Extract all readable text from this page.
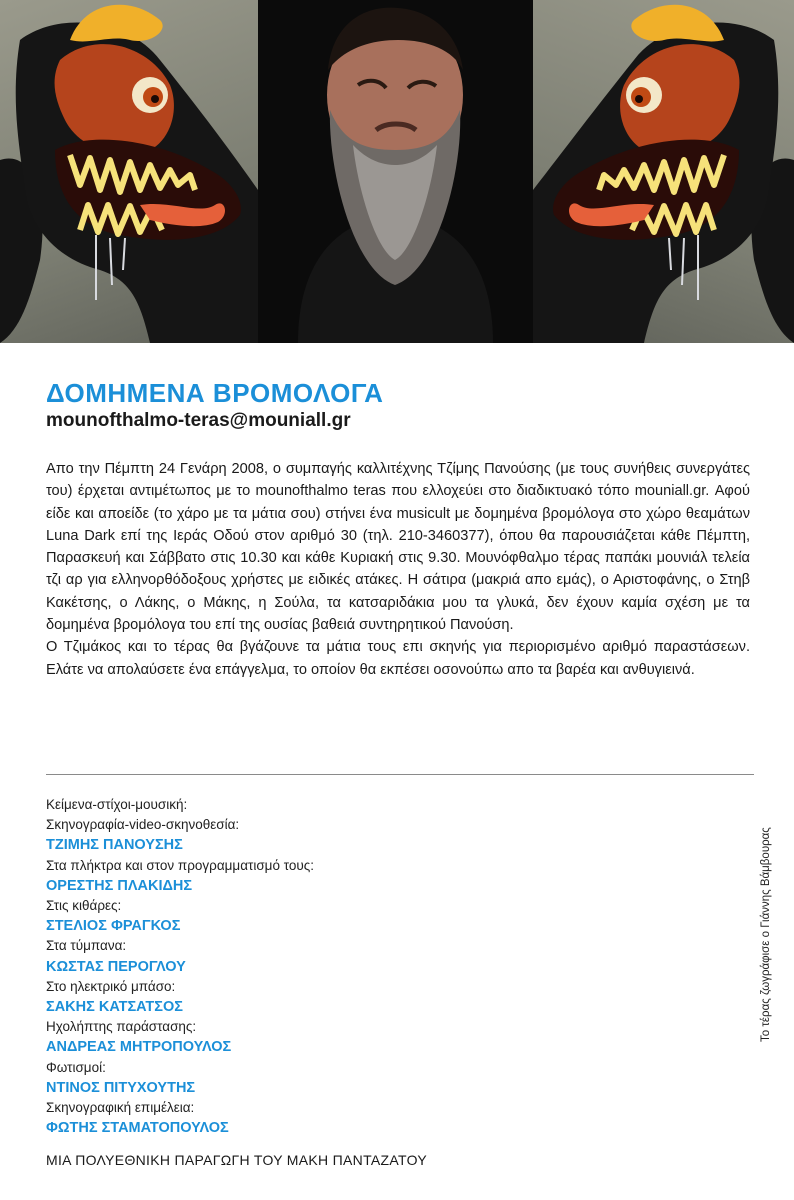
ΔΟΜΗΜΕΝΑ ΒΡΟΜΟΛΟΓΑ
mounofthalmo-teras@mouniall.gr

Απο την Πέμπτη 24 Γενάρη 2008, ο συμπαγής καλλιτέχνης Τζίμης Πανούσης (με τους συνήθεις συνεργάτες του) έρχεται αντιμέτωπος με το mounofthalmo teras που ελλοχεύει στο διαδικτυακό τόπο mouniall.gr. Αφού είδε και αποείδε (το χάρο με τα μάτια σου) στήνει ένα musicult με δομημένα βρομόλογα στο χώρο θεαμάτων Luna Dark επί της Ιεράς Οδού στον αριθμό 30 (τηλ. 210-3460377), όπου θα παρουσιάζεται κάθε Πέμπτη, Παρασκευή και Σάββατο στις 10.30 και κάθε Κυριακή στις 9.30. Μουνόφθαλμο τέρας παπάκι μουνιάλ τελεία τζι αρ για ελληνορθόδοξους χρήστες με ειδικές ατάκες. Η σάτιρα (μακριά απο εμάς), ο Αριστοφάνης, ο Στηβ Κακέτσης, ο Λάκης, ο Μάκης, η Σούλα, τα κατσαριδάκια μου τα γλυκά, δεν έχουν καμία σχέση με τα δομημένα βρομόλογα του επί της ουσίας βαθειά συντηρητικού Πανούση.

Ο Τζιμάκος και το τέρας θα βγάζουνε τα μάτια τους επι σκηνής για περιορισμένο αριθμό παραστάσεων. Ελάτε να απολαύσετε ένα επάγγελμα, το οποίον θα εκπέσει οσονούπω απο τα βαρέα και ανθυγιεινά.

Κείμενα-στίχοι-μουσική:
Σκηνογραφία-video-σκηνοθεσία:
ΤΖΙΜΗΣ ΠΑΝΟΥΣΗΣ
Στα πλήκτρα και στον προγραμματισμό τους:
ΟΡΕΣΤΗΣ ΠΛΑΚΙΔΗΣ
Στις κιθάρες:
ΣΤΕΛΙΟΣ ΦΡΑΓΚΟΣ
Στα τύμπανα:
ΚΩΣΤΑΣ ΠΕΡΟΓΛΟΥ
Στο ηλεκτρικό μπάσο:
ΣΑΚΗΣ ΚΑΤΣΑΤΣΟΣ
Ηχολήπτης παράστασης:
ΑΝΔΡΕΑΣ ΜΗΤΡΟΠΟΥΛΟΣ
Φωτισμοί:
ΝΤΙΝΟΣ ΠΙΤΥΧΟΥΤΗΣ
Σκηνογραφική επιμέλεια:
ΦΩΤΗΣ ΣΤΑΜΑΤΟΠΟΥΛΟΣ
ΜΙΑ ΠΟΛΥΕΘΝΙΚΗ ΠΑΡΑΓΩΓΗ ΤΟΥ ΜΑΚΗ ΠΑΝΤΑΖΑΤΟΥ
Το τέρας ζωγράφισε ο Γιάννης Βάμβουρας
